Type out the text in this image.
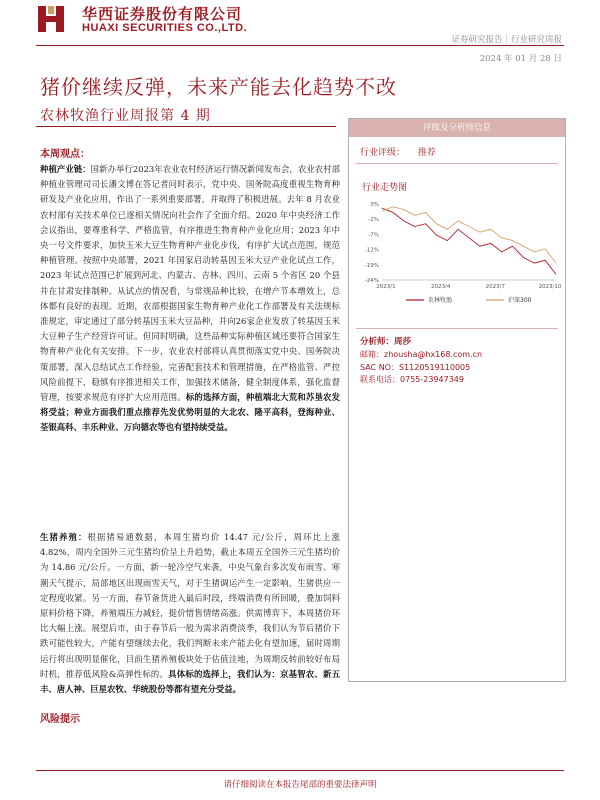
华西证券股份有限公司
HUAXI SECURITIES CO.,LTD.
证券研究报告｜行业研究周报
2024 年 01 月 28 日
猪价继续反弹，未来产能去化趋势不改
农林牧渔行业周报第 4 期
评级及分析师信息
行业评级： 推荐
行业走势图
3%
-2%
-7%
-12%
-19%
-24%
2023/1	2023/4	2023/7	2023/10
农林牧渔	沪深300
分析师：周莎
邮箱：zhousha@hx168.com.cn
SAC NO：S1120519110005
联系电话：0755-23947349
本周观点：
种植产业链：国新办举行2023年农业农村经济运行情况新闻发布会，农业农村部种植业管理司司长潘文博在答记者问时表示，党中央、国务院高度重视生物育种研发及产业化应用，作出了一系列重要部署，并取得了积极进展。去年 8 月农业农村部有关技术单位已逐相关情况向社会作了全面介绍。2020 年中央经济工作会议指出，要尊重科学、严格监管，有序推进生物育种产业化应用；2023 年中央一号文件要求，加快玉米大豆生物育种产业化步伐，有序扩大试点范围，规范种植管理。按照中央部署，2021 年国家启动转基因玉米大豆产业化试点工作，2023 年试点范围已扩展到河北、内蒙古、吉林、四川、云南 5 个省区 20 个县并在甘肃安排制种。从试点的情况看，与常规品种比较，在增产节本增效上，总体都有良好的表现。近期，农部根据国家生物育种产业化工作部署及有关法规标准规定，审定通过了部分转基因玉米大豆品种，并向26家企业发放了转基因玉米大豆种子生产经营许可证。但同时明确，这些品种实际种植区域还要符合国家生物育种产业化有关安排。下一步，农业农村部将认真贯彻落实党中央、国务院决策部署，深入总结试点工作经验，完善配套技术和管理措施，在严格监管、严控风险前提下，稳慎有序推进相关工作，加强技术储备，健全制度体系，强化监督管理，按要求规范有序扩大应用范围。标的选择方面，种植端北大荒和苏垦农发将受益；种业方面我们重点推荐先发优势明显的大北农、隆平高科，登海种业、荃银高科、丰乐种业、万向德农等也有望持续受益。
生猪养殖：根据猪易通数据，本周生猪均价 14.47 元/公斤，周环比上涨 4.82%，周内全国外三元生猪均价呈上升趋势，截止本周五全国外三元生猪均价为 14.86 元/公斤。一方面，新一轮冷空气来袭，中央气象台多次发布雨雪、寒潮天气提示，局部地区出现雨雪天气，对于生猪调运产生一定影响，生猪供应一定程度收紧。另一方面，春节备货进入最后时段，终端消费有所回暖，叠加饲料原料价格下降，养殖端压力减轻，挺价惜售情绪高涨。供需博弈下，本周猪价环比大幅上涨。展望后市，由于春节后一般为需求消费淡季，我们认为节后猪价下跌可能性较大，产能有望继续去化，我们判断未来产能去化有望加速，届时周期运行将出现明显催化，目前生猪养殖板块处于估值洼地，为周期反转前较好布局时机，推荐低风险&高弹性标的。具体标的选择上，我们认为：京基智农、新五丰、唐人神、巨星农牧、华统股份等都有望充分受益。
风险提示
请仔细阅读在本报告尾部的重要法律声明
